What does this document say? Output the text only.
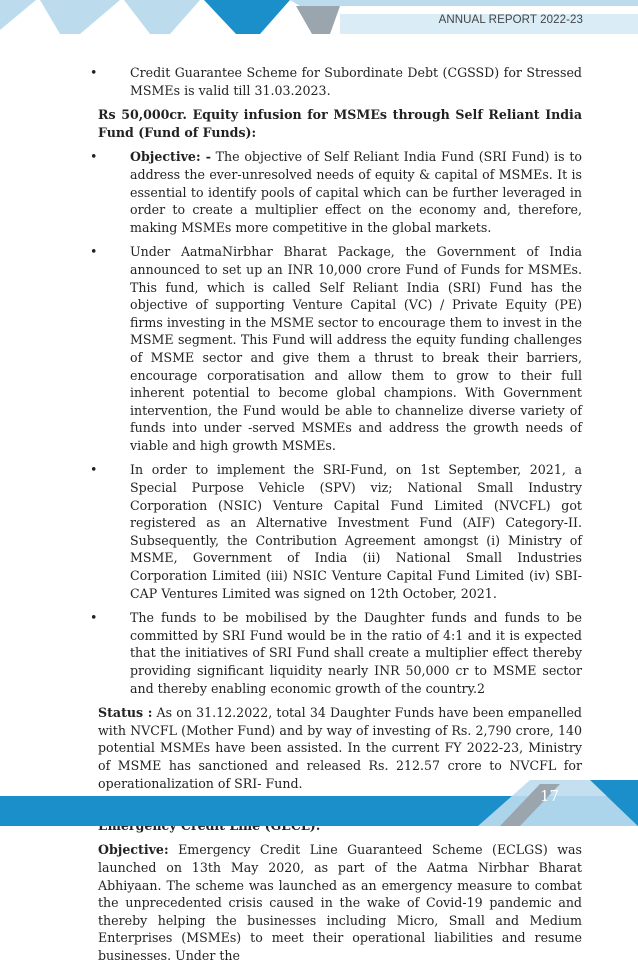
ANNUAL REPORT 2022-23
• Credit Guarantee Scheme for Subordinate Debt (CGSSD) for Stressed MSMEs is valid till 31.03.2023.
Rs 50,000cr. Equity infusion for MSMEs through Self Reliant India Fund (Fund of Funds):
• Objective: - The objective of Self Reliant India Fund (SRI Fund) is to address the ever-unresolved needs of equity & capital of MSMEs. It is essential to identify pools of capital which can be further leveraged in order to create a multiplier effect on the economy and, therefore, making MSMEs more competitive in the global markets.
• Under AatmaNirbhar Bharat Package, the Government of India announced to set up an INR 10,000 crore Fund of Funds for MSMEs. This fund, which is called Self Reliant India (SRI) Fund has the objective of supporting Venture Capital (VC) / Private Equity (PE) firms investing in the MSME sector to encourage them to invest in the MSME segment. This Fund will address the equity funding challenges of MSME sector and give them a thrust to break their barriers, encourage corporatisation and allow them to grow to their full inherent potential to become global champions. With Government intervention, the Fund would be able to channelize diverse variety of funds into under -served MSMEs and address the growth needs of viable and high growth MSMEs.
• In order to implement the SRI-Fund, on 1st September, 2021, a Special Purpose Vehicle (SPV) viz; National Small Industry Corporation (NSIC) Venture Capital Fund Limited (NVCFL) got registered as an Alternative Investment Fund (AIF) Category-II. Subsequently, the Contribution Agreement amongst (i) Ministry of MSME, Government of India (ii) National Small Industries Corporation Limited (iii) NSIC Venture Capital Fund Limited (iv) SBI-CAP Ventures Limited was signed on 12th October, 2021.
• The funds to be mobilised by the Daughter funds and funds to be committed by SRI Fund would be in the ratio of 4:1 and it is expected that the initiatives of SRI Fund shall create a multiplier effect thereby providing significant liquidity nearly INR 50,000 cr to MSME sector and thereby enabling economic growth of the country.2
Status : As on 31.12.2022, total 34 Daughter Funds have been empanelled with NVCFL (Mother Fund) and by way of investing of Rs. 2,790 crore, 140 potential MSMEs have been assisted. In the current FY 2022-23, Ministry of MSME has sanctioned and released Rs. 212.57 crore to NVCFL for operationalization of SRI- Fund.
Objective: Emergency Credit Line Guaranteed Scheme (ECLGS) was launched on 13th May 2020, as part of the Aatma Nirbhar Bharat Abhiyaan. The scheme was launched as an emergency measure to combat the unprecedented crisis caused in the wake of Covid-19 pandemic and thereby helping the businesses including Micro, Small and Medium Enterprises (MSMEs) to meet their operational liabilities and resume businesses. Under the
17
